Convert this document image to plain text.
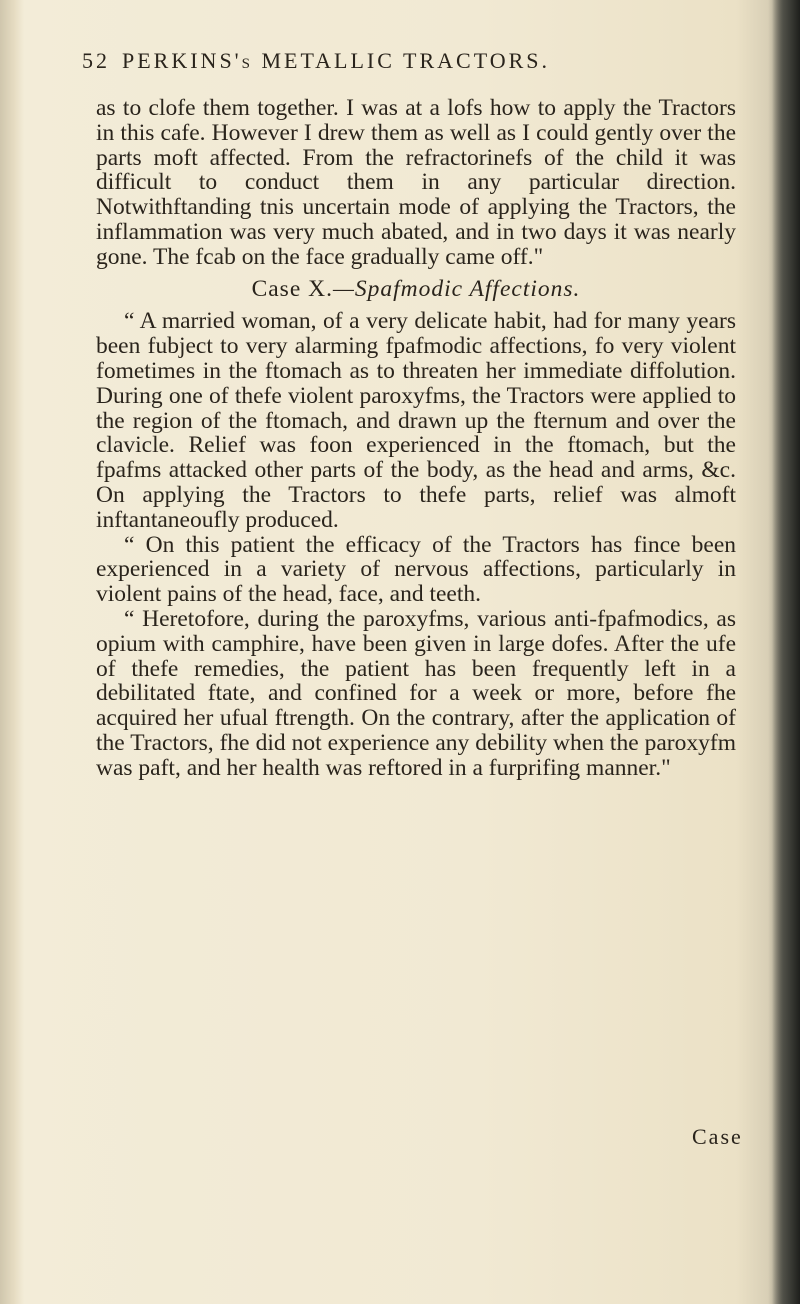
52 PERKINS's METALLIC TRACTORS.

as to clofe them together. I was at a lofs how to apply the Tractors in this cafe. However I drew them as well as I could gently over the parts moft affected. From the refractorinefs of the child it was difficult to conduct them in any particular direction. Notwithftanding tnis uncertain mode of applying the Tractors, the inflammation was very much abated, and in two days it was nearly gone. The fcab on the face gradually came off."

Case X.—Spafmodic Affections.

“ A married woman, of a very delicate habit, had for many years been fubject to very alarming fpafmodic affections, fo very violent fometimes in the ftomach as to threaten her immediate diffolution. During one of thefe violent paroxyfms, the Tractors were applied to the region of the ftomach, and drawn up the fternum and over the clavicle. Relief was foon experienced in the ftomach, but the fpafms attacked other parts of the body, as the head and arms, &c. On applying the Tractors to thefe parts, relief was almoft inftantaneoufly produced.

“ On this patient the efficacy of the Tractors has fince been experienced in a variety of nervous affections, particularly in violent pains of the head, face, and teeth.

“ Heretofore, during the paroxyfms, various anti-fpafmodics, as opium with camphire, have been given in large dofes. After the ufe of thefe remedies, the patient has been frequently left in a debilitated ftate, and confined for a week or more, before fhe acquired her ufual ftrength. On the contrary, after the application of the Tractors, fhe did not experience any debility when the paroxyfm was paft, and her health was reftored in a furprifing manner."

Case
